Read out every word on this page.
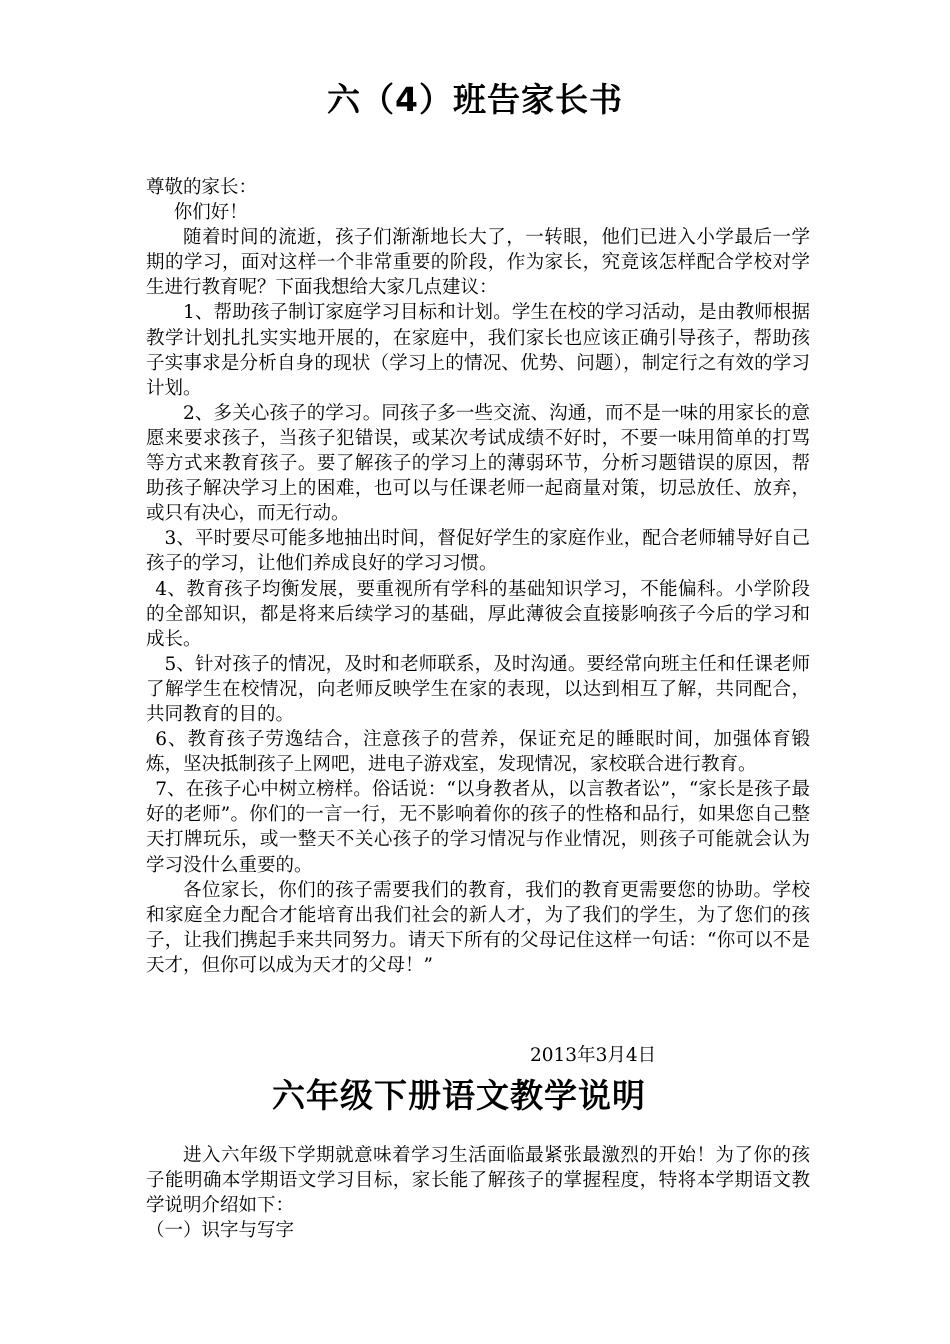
六（4）班告家长书

尊敬的家长：

你们好！

随着时间的流逝，孩子们渐渐地长大了，一转眼，他们已进入小学最后一学期的学习，面对这样一个非常重要的阶段，作为家长，究竟该怎样配合学校对学生进行教育呢？下面我想给大家几点建议：

1、帮助孩子制订家庭学习目标和计划。学生在校的学习活动，是由教师根据教学计划扎扎实实地开展的，在家庭中，我们家长也应该正确引导孩子，帮助孩子实事求是分析自身的现状（学习上的情况、优势、问题），制定行之有效的学习计划。

2、多关心孩子的学习。同孩子多一些交流、沟通，而不是一味的用家长的意愿来要求孩子，当孩子犯错误，或某次考试成绩不好时，不要一味用简单的打骂等方式来教育孩子。要了解孩子的学习上的薄弱环节，分析习题错误的原因，帮助孩子解决学习上的困难，也可以与任课老师一起商量对策，切忌放任、放弃，或只有决心，而无行动。

3、平时要尽可能多地抽出时间，督促好学生的家庭作业，配合老师辅导好自己孩子的学习，让他们养成良好的学习习惯。

4、教育孩子均衡发展，要重视所有学科的基础知识学习，不能偏科。小学阶段的全部知识，都是将来后续学习的基础，厚此薄彼会直接影响孩子今后的学习和成长。

5、针对孩子的情况，及时和老师联系，及时沟通。要经常向班主任和任课老师了解学生在校情况，向老师反映学生在家的表现，以达到相互了解，共同配合，共同教育的目的。

6、教育孩子劳逸结合，注意孩子的营养，保证充足的睡眠时间，加强体育锻炼，坚决抵制孩子上网吧，进电子游戏室，发现情况，家校联合进行教育。

7、在孩子心中树立榜样。俗话说：“以身教者从，以言教者讼”，“家长是孩子最好的老师”。你们的一言一行，无不影响着你的孩子的性格和品行，如果您自己整天打牌玩乐，或一整天不关心孩子的学习情况与作业情况，则孩子可能就会认为学习没什么重要的。

各位家长，你们的孩子需要我们的教育，我们的教育更需要您的协助。学校和家庭全力配合才能培育出我们社会的新人才，为了我们的学生，为了您们的孩子，让我们携起手来共同努力。请天下所有的父母记住这样一句话：“你可以不是天才，但你可以成为天才的父母！”

2013年3月4日
六年级下册语文教学说明

进入六年级下学期就意味着学习生活面临最紧张最激烈的开始！为了你的孩子能明确本学期语文学习目标，家长能了解孩子的掌握程度，特将本学期语文教学说明介绍如下：

（一）识字与写字
